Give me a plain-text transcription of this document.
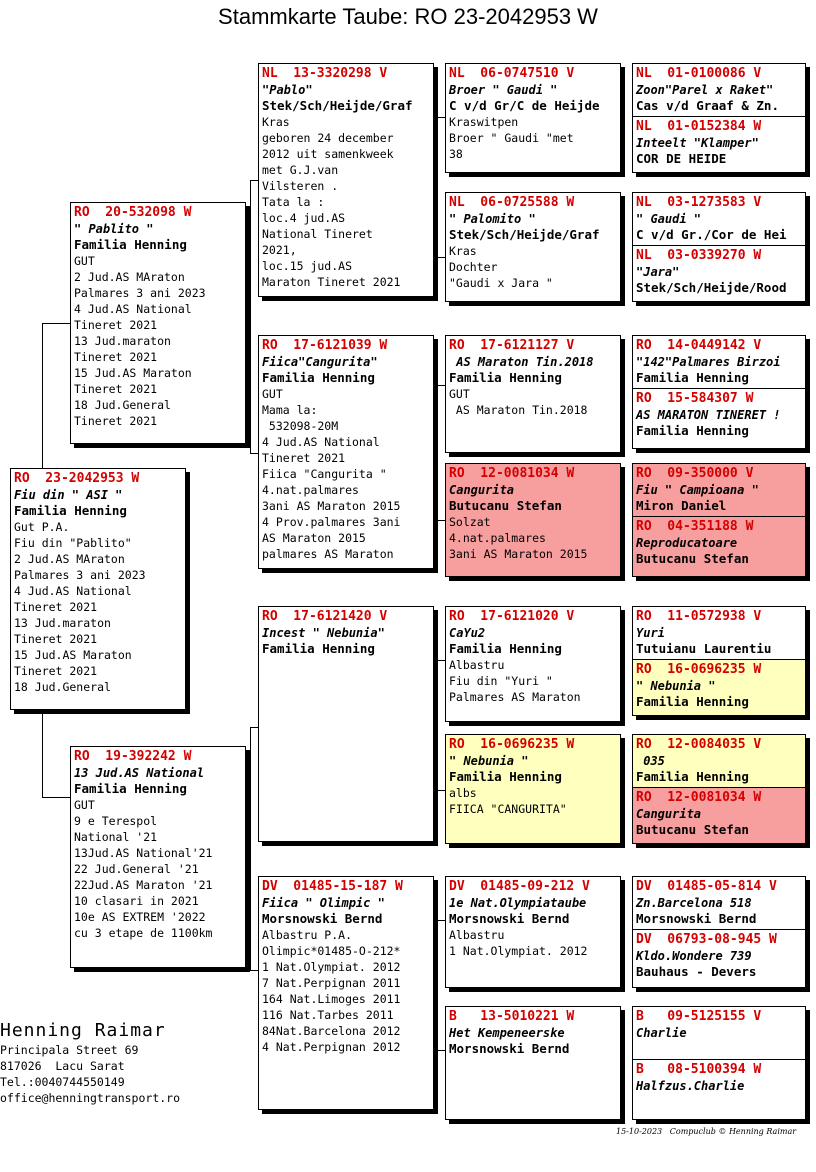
Stammkarte Taube: RO 23-2042953 W
RO  23-2042953 W
Fiu din " ASI "
Familia Henning
Gut P.A.
Fiu din "Pablito"
2 Jud.AS MAraton
Palmares 3 ani 2023
4 Jud.AS National
Tineret 2021
13 Jud.maraton
Tineret 2021
15 Jud.AS Maraton
Tineret 2021
18 Jud.General
RO  20-532098 W
" Pablito "
Familia Henning
GUT
2 Jud.AS MAraton
Palmares 3 ani 2023
4 Jud.AS National
Tineret 2021
13 Jud.maraton
Tineret 2021
15 Jud.AS Maraton
Tineret 2021
18 Jud.General
Tineret 2021
RO  19-392242 W
13 Jud.AS National
Familia Henning
GUT
9 e Terespol
National '21
13Jud.AS National'21
22 Jud.General '21
22Jud.AS Maraton '21
10 clasari in 2021
10e AS EXTREM '2022
cu 3 etape de 1100km
NL  13-3320298 V
"Pablo"
Stek/Sch/Heijde/Graf
Kras
geboren 24 december
2012 uit samenkweek
met G.J.van
Vilsteren .
Tata la :
loc.4 jud.AS
National Tineret
2021,
loc.15 jud.AS
Maraton Tineret 2021
RO  17-6121039 W
Fiica"Cangurita"
Familia Henning
GUT
Mama la:
532098-20M
4 Jud.AS National
Tineret 2021
Fiica "Cangurita "
4.nat.palmares
3ani AS Maraton 2015
4 Prov.palmares 3ani
AS Maraton 2015
palmares AS Maraton
RO  17-6121420 V
Incest " Nebunia"
Familia Henning
DV  01485-15-187 W
Fiica " Olimpic "
Morsnowski Bernd
Albastru P.A.
Olimpic*01485-O-212*
1 Nat.Olympiat. 2012
7 Nat.Perpignan 2011
164 Nat.Limoges 2011
116 Nat.Tarbes 2011
84Nat.Barcelona 2012
4 Nat.Perpignan 2012
NL  06-0747510 V
Broer " Gaudi "
C v/d Gr/C de Heijde
Kraswitpen
Broer " Gaudi "met
38
NL  06-0725588 W
" Palomito "
Stek/Sch/Heijde/Graf
Kras
Dochter
"Gaudi x Jara "
RO  17-6121127 V
AS Maraton Tin.2018
Familia Henning
GUT
AS Maraton Tin.2018
RO  12-0081034 W
Cangurita
Butucanu Stefan
Solzat
4.nat.palmares
3ani AS Maraton 2015
RO  17-6121020 V
CaYu2
Familia Henning
Albastru
Fiu din "Yuri "
Palmares AS Maraton
RO  16-0696235 W
" Nebunia "
Familia Henning
albs
FIICA "CANGURITA"
DV  01485-09-212 V
1e Nat.Olympiataube
Morsnowski Bernd
Albastru
1 Nat.Olympiat. 2012
B   13-5010221 W
Het Kempeneerske
Morsnowski Bernd
NL  01-0100086 V
Zoon"Parel x Raket"
Cas v/d Graaf & Zn.
NL  01-0152384 W
Inteelt "Klamper"
COR DE HEIDE
NL  03-1273583 V
" Gaudi "
C v/d Gr./Cor de Hei
NL  03-0339270 W
"Jara"
Stek/Sch/Heijde/Rood
RO  14-0449142 V
"142"Palmares Birzoi
Familia Henning
RO  15-584307 W
AS MARATON TINERET !
Familia Henning
RO  09-350000 V
Fiu " Campioana "
Miron Daniel
RO  04-351188 W
Reproducatoare
Butucanu Stefan
RO  11-0572938 V
Yuri
Tutuianu Laurentiu
RO  16-0696235 W
" Nebunia "
Familia Henning
RO  12-0084035 V
035
Familia Henning
RO  12-0081034 W
Cangurita
Butucanu Stefan
DV  01485-05-814 V
Zn.Barcelona 518
Morsnowski Bernd
DV  06793-08-945 W
Kldo.Wondere 739
Bauhaus - Devers
B   09-5125155 V
Charlie
B   08-5100394 W
Halfzus.Charlie
Henning Raimar
Principala Street 69
817026  Lacu Sarat
Tel.:0040744550149
office@henningtransport.ro
15-10-2023   Compuclub © Henning Raimar
